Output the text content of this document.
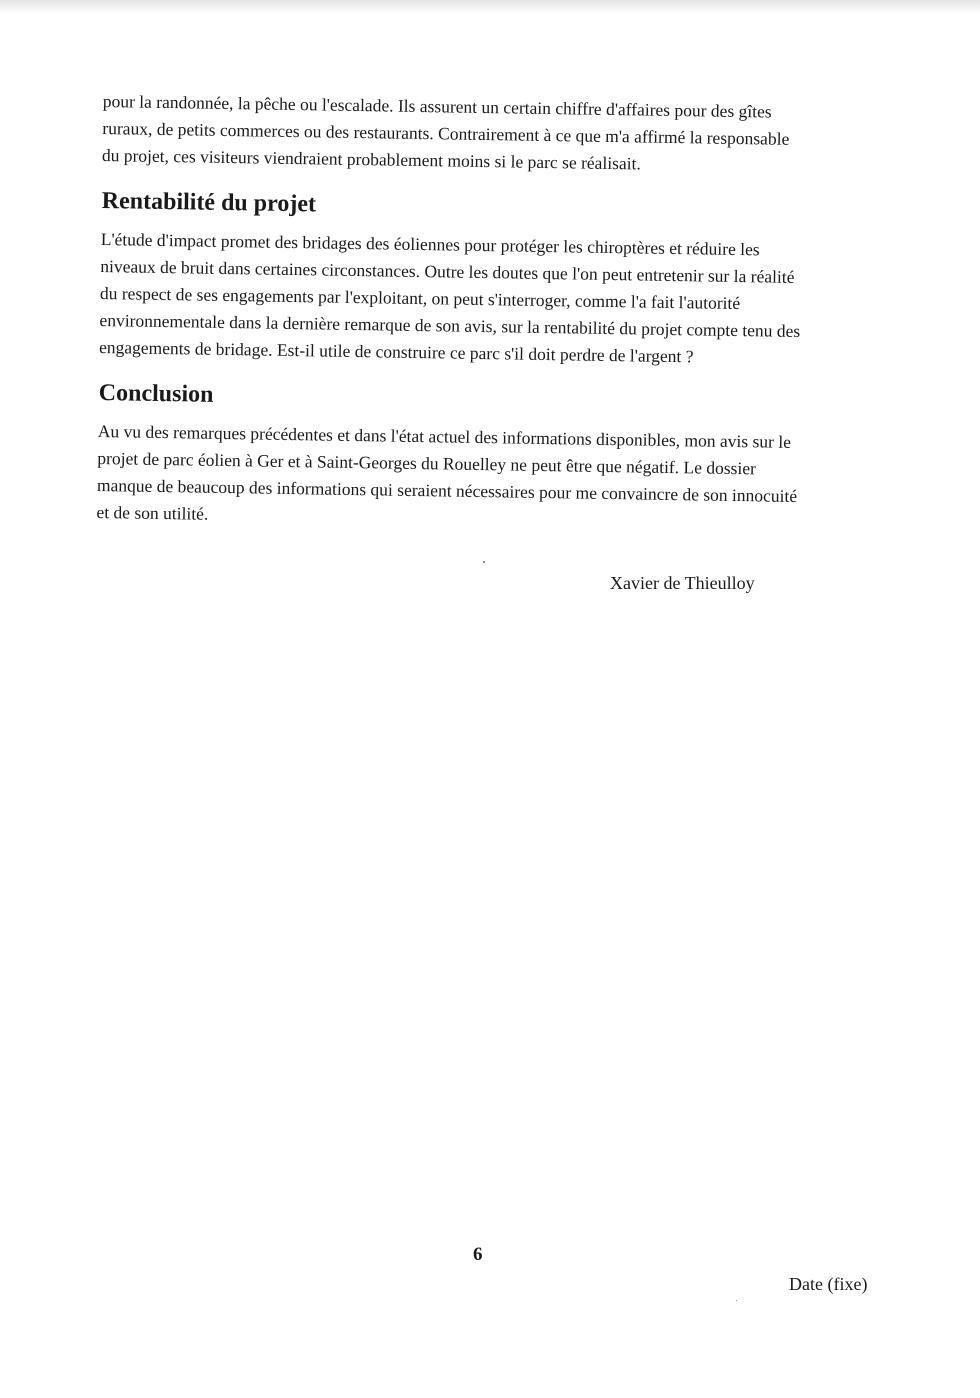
pour la randonnée, la pêche ou l'escalade. Ils assurent un certain chiffre d'affaires pour des gîtes
ruraux, de petits commerces ou des restaurants. Contrairement à ce que m'a affirmé la responsable
du projet, ces visiteurs viendraient probablement moins si le parc se réalisait.

Rentabilité du projet

L'étude d'impact promet des bridages des éoliennes pour protéger les chiroptères et réduire les
niveaux de bruit dans certaines circonstances. Outre les doutes que l'on peut entretenir sur la réalité
du respect de ses engagements par l'exploitant, on peut s'interroger, comme l'a fait l'autorité
environnementale dans la dernière remarque de son avis, sur la rentabilité du projet compte tenu des
engagements de bridage. Est-il utile de construire ce parc s'il doit perdre de l'argent ?

Conclusion

Au vu des remarques précédentes et dans l'état actuel des informations disponibles, mon avis sur le
projet de parc éolien à Ger et à Saint-Georges du Rouelley ne peut être que négatif. Le dossier
manque de beaucoup des informations qui seraient nécessaires pour me convaincre de son innocuité
et de son utilité.

Xavier de Thieulloy
6
Date (fixe)
